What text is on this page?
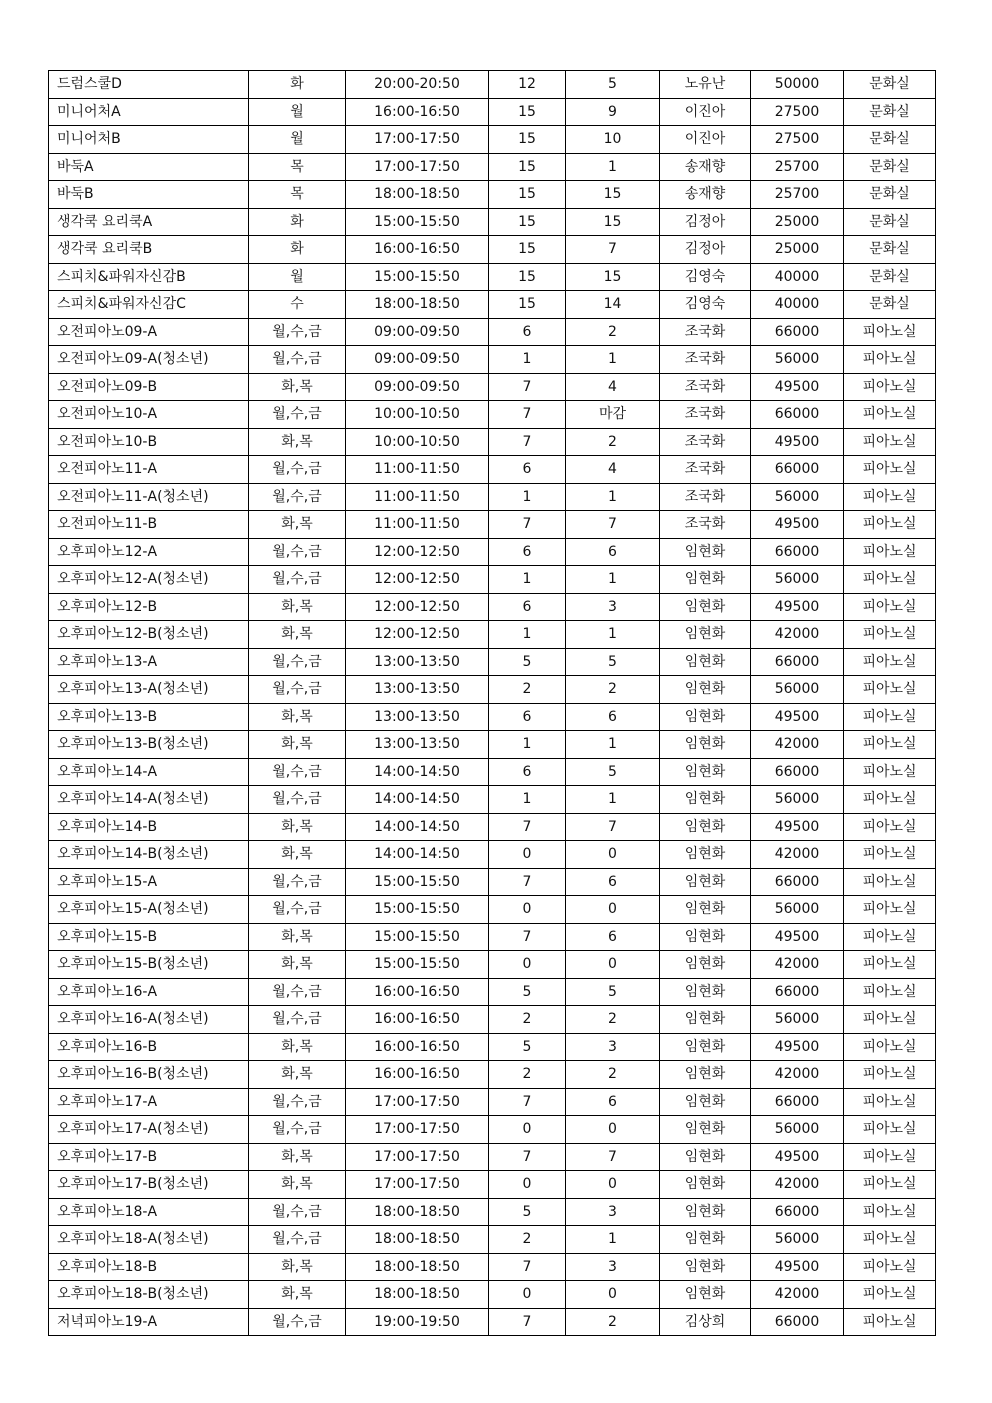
드럼스쿨D	화	20:00-20:50	12	5	노유난	50000	문화실
미니어처A	월	16:00-16:50	15	9	이진아	27500	문화실
미니어처B	월	17:00-17:50	15	10	이진아	27500	문화실
바둑A	목	17:00-17:50	15	1	송재향	25700	문화실
바둑B	목	18:00-18:50	15	15	송재향	25700	문화실
생각쿡 요리쿡A	화	15:00-15:50	15	15	김정아	25000	문화실
생각쿡 요리쿡B	화	16:00-16:50	15	7	김정아	25000	문화실
스피치&파워자신감B	월	15:00-15:50	15	15	김영숙	40000	문화실
스피치&파워자신감C	수	18:00-18:50	15	14	김영숙	40000	문화실
오전피아노09-A	월,수,금	09:00-09:50	6	2	조국화	66000	피아노실
오전피아노09-A(청소년)	월,수,금	09:00-09:50	1	1	조국화	56000	피아노실
오전피아노09-B	화,목	09:00-09:50	7	4	조국화	49500	피아노실
오전피아노10-A	월,수,금	10:00-10:50	7	마감	조국화	66000	피아노실
오전피아노10-B	화,목	10:00-10:50	7	2	조국화	49500	피아노실
오전피아노11-A	월,수,금	11:00-11:50	6	4	조국화	66000	피아노실
오전피아노11-A(청소년)	월,수,금	11:00-11:50	1	1	조국화	56000	피아노실
오전피아노11-B	화,목	11:00-11:50	7	7	조국화	49500	피아노실
오후피아노12-A	월,수,금	12:00-12:50	6	6	임현화	66000	피아노실
오후피아노12-A(청소년)	월,수,금	12:00-12:50	1	1	임현화	56000	피아노실
오후피아노12-B	화,목	12:00-12:50	6	3	임현화	49500	피아노실
오후피아노12-B(청소년)	화,목	12:00-12:50	1	1	임현화	42000	피아노실
오후피아노13-A	월,수,금	13:00-13:50	5	5	임현화	66000	피아노실
오후피아노13-A(청소년)	월,수,금	13:00-13:50	2	2	임현화	56000	피아노실
오후피아노13-B	화,목	13:00-13:50	6	6	임현화	49500	피아노실
오후피아노13-B(청소년)	화,목	13:00-13:50	1	1	임현화	42000	피아노실
오후피아노14-A	월,수,금	14:00-14:50	6	5	임현화	66000	피아노실
오후피아노14-A(청소년)	월,수,금	14:00-14:50	1	1	임현화	56000	피아노실
오후피아노14-B	화,목	14:00-14:50	7	7	임현화	49500	피아노실
오후피아노14-B(청소년)	화,목	14:00-14:50	0	0	임현화	42000	피아노실
오후피아노15-A	월,수,금	15:00-15:50	7	6	임현화	66000	피아노실
오후피아노15-A(청소년)	월,수,금	15:00-15:50	0	0	임현화	56000	피아노실
오후피아노15-B	화,목	15:00-15:50	7	6	임현화	49500	피아노실
오후피아노15-B(청소년)	화,목	15:00-15:50	0	0	임현화	42000	피아노실
오후피아노16-A	월,수,금	16:00-16:50	5	5	임현화	66000	피아노실
오후피아노16-A(청소년)	월,수,금	16:00-16:50	2	2	임현화	56000	피아노실
오후피아노16-B	화,목	16:00-16:50	5	3	임현화	49500	피아노실
오후피아노16-B(청소년)	화,목	16:00-16:50	2	2	임현화	42000	피아노실
오후피아노17-A	월,수,금	17:00-17:50	7	6	임현화	66000	피아노실
오후피아노17-A(청소년)	월,수,금	17:00-17:50	0	0	임현화	56000	피아노실
오후피아노17-B	화,목	17:00-17:50	7	7	임현화	49500	피아노실
오후피아노17-B(청소년)	화,목	17:00-17:50	0	0	임현화	42000	피아노실
오후피아노18-A	월,수,금	18:00-18:50	5	3	임현화	66000	피아노실
오후피아노18-A(청소년)	월,수,금	18:00-18:50	2	1	임현화	56000	피아노실
오후피아노18-B	화,목	18:00-18:50	7	3	임현화	49500	피아노실
오후피아노18-B(청소년)	화,목	18:00-18:50	0	0	임현화	42000	피아노실
저녁피아노19-A	월,수,금	19:00-19:50	7	2	김상희	66000	피아노실
